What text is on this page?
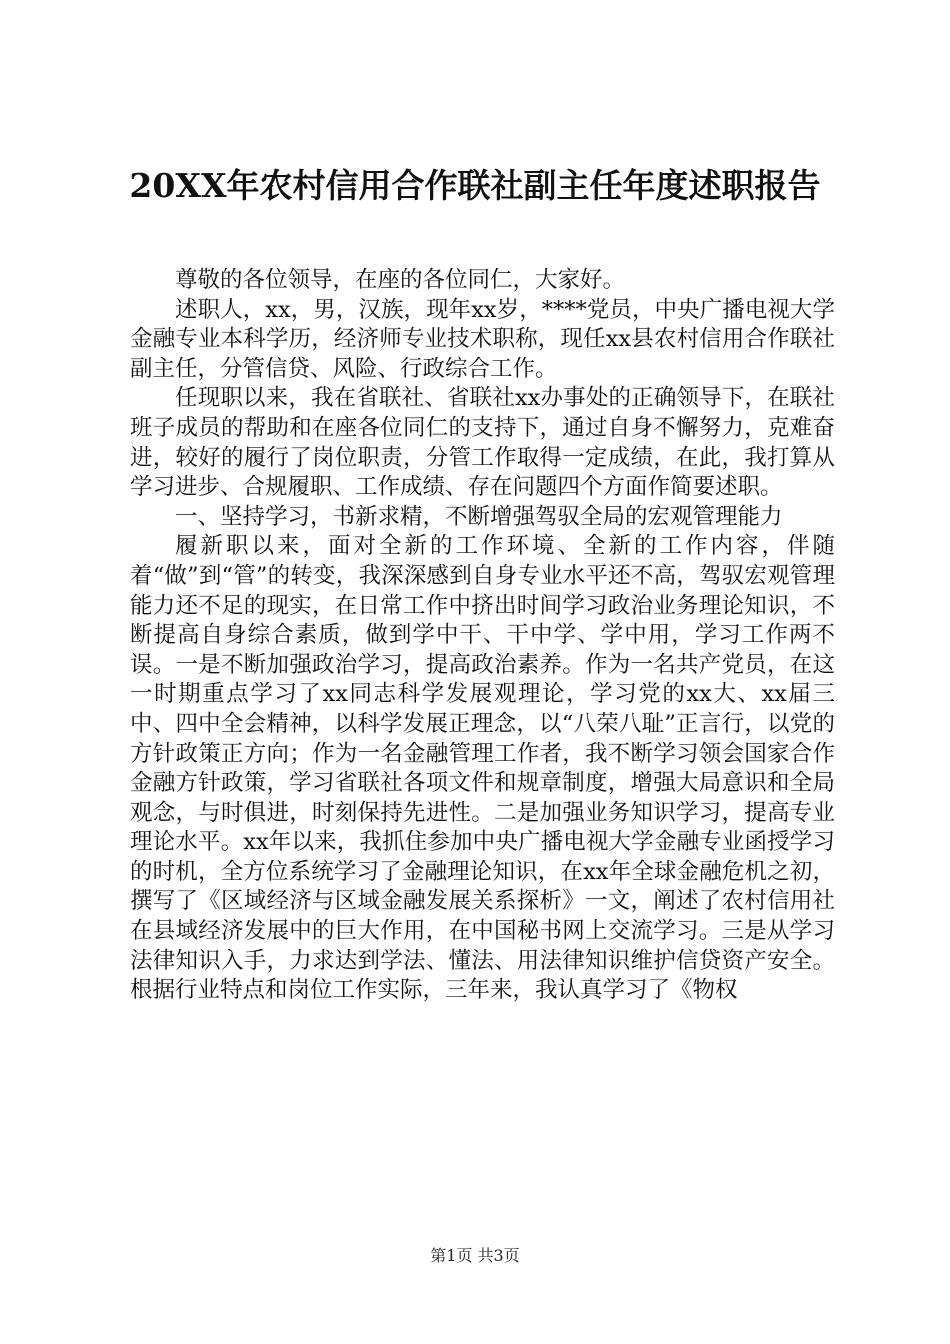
20XX年农村信用合作联社副主任年度述职报告

尊敬的各位领导，在座的各位同仁，大家好。

述职人，xx，男，汉族，现年xx岁，****党员，中央广播电视大学金融专业本科学历，经济师专业技术职称，现任xx县农村信用合作联社副主任，分管信贷、风险、行政综合工作。

任现职以来，我在省联社、省联社xx办事处的正确领导下，在联社班子成员的帮助和在座各位同仁的支持下，通过自身不懈努力，克难奋进，较好的履行了岗位职责，分管工作取得一定成绩，在此，我打算从学习进步、合规履职、工作成绩、存在问题四个方面作简要述职。

一、坚持学习，书新求精，不断增强驾驭全局的宏观管理能力

履新职以来，面对全新的工作环境、全新的工作内容，伴随着“做”到“管”的转变，我深深感到自身专业水平还不高，驾驭宏观管理能力还不足的现实，在日常工作中挤出时间学习政治业务理论知识，不断提高自身综合素质，做到学中干、干中学、学中用，学习工作两不误。一是不断加强政治学习，提高政治素养。作为一名共产党员，在这一时期重点学习了xx同志科学发展观理论，学习党的xx大、xx届三中、四中全会精神，以科学发展正理念，以“八荣八耻”正言行，以党的方针政策正方向；作为一名金融管理工作者，我不断学习领会国家合作金融方针政策，学习省联社各项文件和规章制度，增强大局意识和全局观念，与时俱进，时刻保持先进性。二是加强业务知识学习，提高专业理论水平。xx年以来，我抓住参加中央广播电视大学金融专业函授学习的时机，全方位系统学习了金融理论知识，在xx年全球金融危机之初，撰写了《区域经济与区域金融发展关系探析》一文，阐述了农村信用社在县域经济发展中的巨大作用，在中国秘书网上交流学习。三是从学习法律知识入手，力求达到学法、懂法、用法律知识维护信贷资产安全。根据行业特点和岗位工作实际，三年来，我认真学习了《物权

第1页 共3页
